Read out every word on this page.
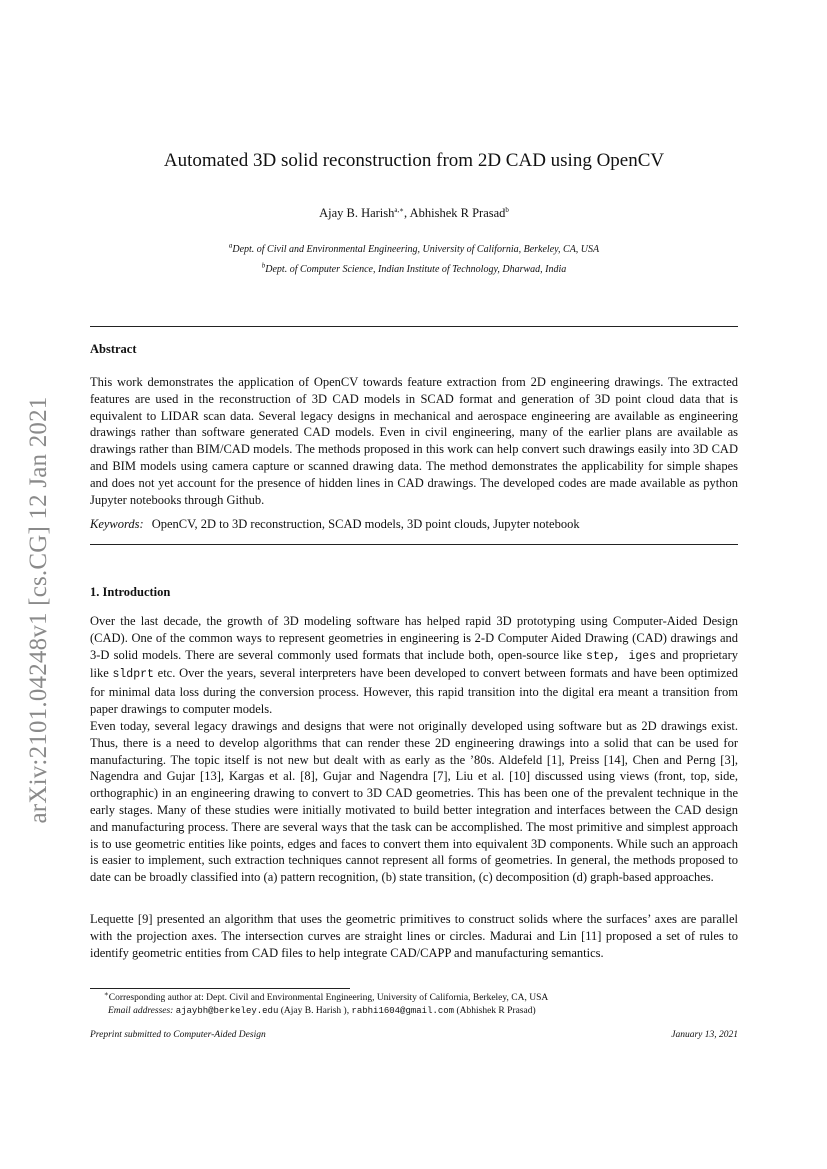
arXiv:2101.04248v1 [cs.CG] 12 Jan 2021
Automated 3D solid reconstruction from 2D CAD using OpenCV
Ajay B. Harish$^{a,∗}$, Abhishek R Prasad$^b$
$^a$Dept. of Civil and Environmental Engineering, University of California, Berkeley, CA, USA
$^b$Dept. of Computer Science, Indian Institute of Technology, Dharwad, India
Abstract
This work demonstrates the application of OpenCV towards feature extraction from 2D engineering drawings. The extracted features are used in the reconstruction of 3D CAD models in SCAD format and generation of 3D point cloud data that is equivalent to LIDAR scan data. Several legacy designs in mechanical and aerospace engineering are available as engineering drawings rather than software generated CAD models. Even in civil engineering, many of the earlier plans are available as drawings rather than BIM/CAD models. The methods proposed in this work can help convert such drawings easily into 3D CAD and BIM models using camera capture or scanned drawing data. The method demonstrates the applicability for simple shapes and does not yet account for the presence of hidden lines in CAD drawings. The developed codes are made available as python Jupyter notebooks through Github.
Keywords: OpenCV, 2D to 3D reconstruction, SCAD models, 3D point clouds, Jupyter notebook
1. Introduction
Over the last decade, the growth of 3D modeling software has helped rapid 3D prototyping using Computer-Aided Design (CAD). One of the common ways to represent geometries in engineering is 2-D Computer Aided Drawing (CAD) drawings and 3-D solid models. There are several commonly used formats that include both, open-source like step, iges and proprietary like sldprt etc. Over the years, several interpreters have been developed to convert between formats and have been optimized for minimal data loss during the conversion process. However, this rapid transition into the digital era meant a transition from paper drawings to computer models.
Even today, several legacy drawings and designs that were not originally developed using software but as 2D drawings exist. Thus, there is a need to develop algorithms that can render these 2D engineering drawings into a solid that can be used for manufacturing. The topic itself is not new but dealt with as early as the ’80s. Aldefeld [1], Preiss [14], Chen and Perng [3], Nagendra and Gujar [13], Kargas et al. [8], Gujar and Nagendra [7], Liu et al. [10] discussed using views (front, top, side, orthographic) in an engineering drawing to convert to 3D CAD geometries. This has been one of the prevalent technique in the early stages. Many of these studies were initially motivated to build better integration and interfaces between the CAD design and manufacturing process. There are several ways that the task can be accomplished. The most primitive and simplest approach is to use geometric entities like points, edges and faces to convert them into equivalent 3D components. While such an approach is easier to implement, such extraction techniques cannot represent all forms of geometries. In general, the methods proposed to date can be broadly classified into (a) pattern recognition, (b) state transition, (c) decomposition (d) graph-based approaches.
Lequette [9] presented an algorithm that uses the geometric primitives to construct solids where the surfaces’ axes are parallel with the projection axes. The intersection curves are straight lines or circles. Madurai and Lin [11] proposed a set of rules to identify geometric entities from CAD files to help integrate CAD/CAPP and manufacturing semantics.
∗Corresponding author at: Dept. Civil and Environmental Engineering, University of California, Berkeley, CA, USA
Email addresses: ajaybh@berkeley.edu (Ajay B. Harish ), rabhi1604@gmail.com (Abhishek R Prasad)
Preprint submitted to Computer-Aided Design	January 13, 2021
